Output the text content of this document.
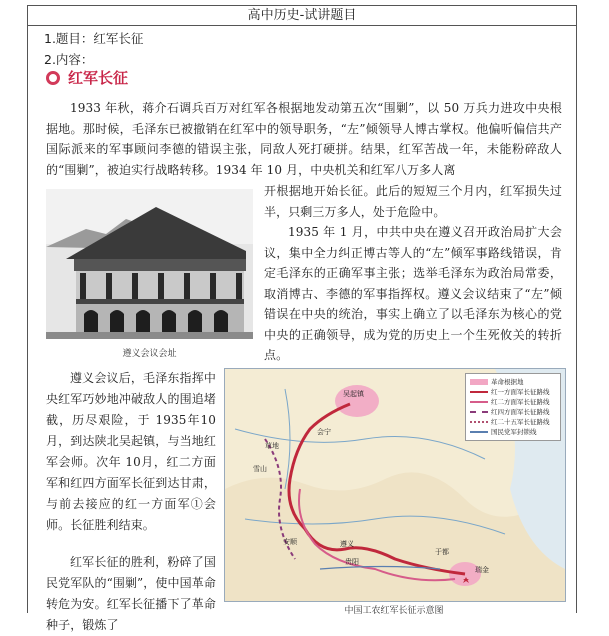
高中历史-试讲题目
1.题目：红军长征
2.内容：
红军长征

1933 年秋，蒋介石调兵百万对红军各根据地发动第五次“围剿”，以 50 万兵力进攻中央根据地。那时候，毛泽东已被撤销在红军中的领导职务，“左”倾领导人博古掌权。他偏听偏信共产国际派来的军事顾问李德的错误主张，同敌人死打硬拼。结果，红军苦战一年，未能粉碎敌人的“围剿”，被迫实行战略转移。1934 年 10 月，中央机关和红军八万多人离

开根据地开始长征。此后的短短三个月内，红军损失过半，只剩三万多人，处于危险中。

遵义会议会址

1935 年 1 月，中共中央在遵义召开政治局扩大会议，集中全力纠正博古等人的“左”倾军事路线错误，肯定毛泽东的正确军事主张；选举毛泽东为政治局常委，取消博古、李德的军事指挥权。遵义会议结束了“左”倾错误在中央的统治，事实上确立了以毛泽东为核心的党中央的正确领导，成为党的历史上一个生死攸关的转折点。

遵义会议后，毛泽东指挥中央红军巧妙地冲破敌人的围追堵截，历尽艰险，于 1935年10月，到达陕北吴起镇，与当地红军会师。次年 10月，红二方面军和红四方面军长征到达甘肃，与前去接应的红一方面军①会师。长征胜利结束。

红军长征的胜利，粉碎了国民党军队的“围剿”，使中国革命转危为安。红军长征播下了革命种子，锻炼了

吴起镇
会宁
遵义
瑞金
贵阳
安顺
于都
雪山
草地
革命根据地
红一方面军长征路线
红二方面军长征路线
红四方面军长征路线
红二十五军长征路线
国民党军封锁线
中国工农红军长征示意图
